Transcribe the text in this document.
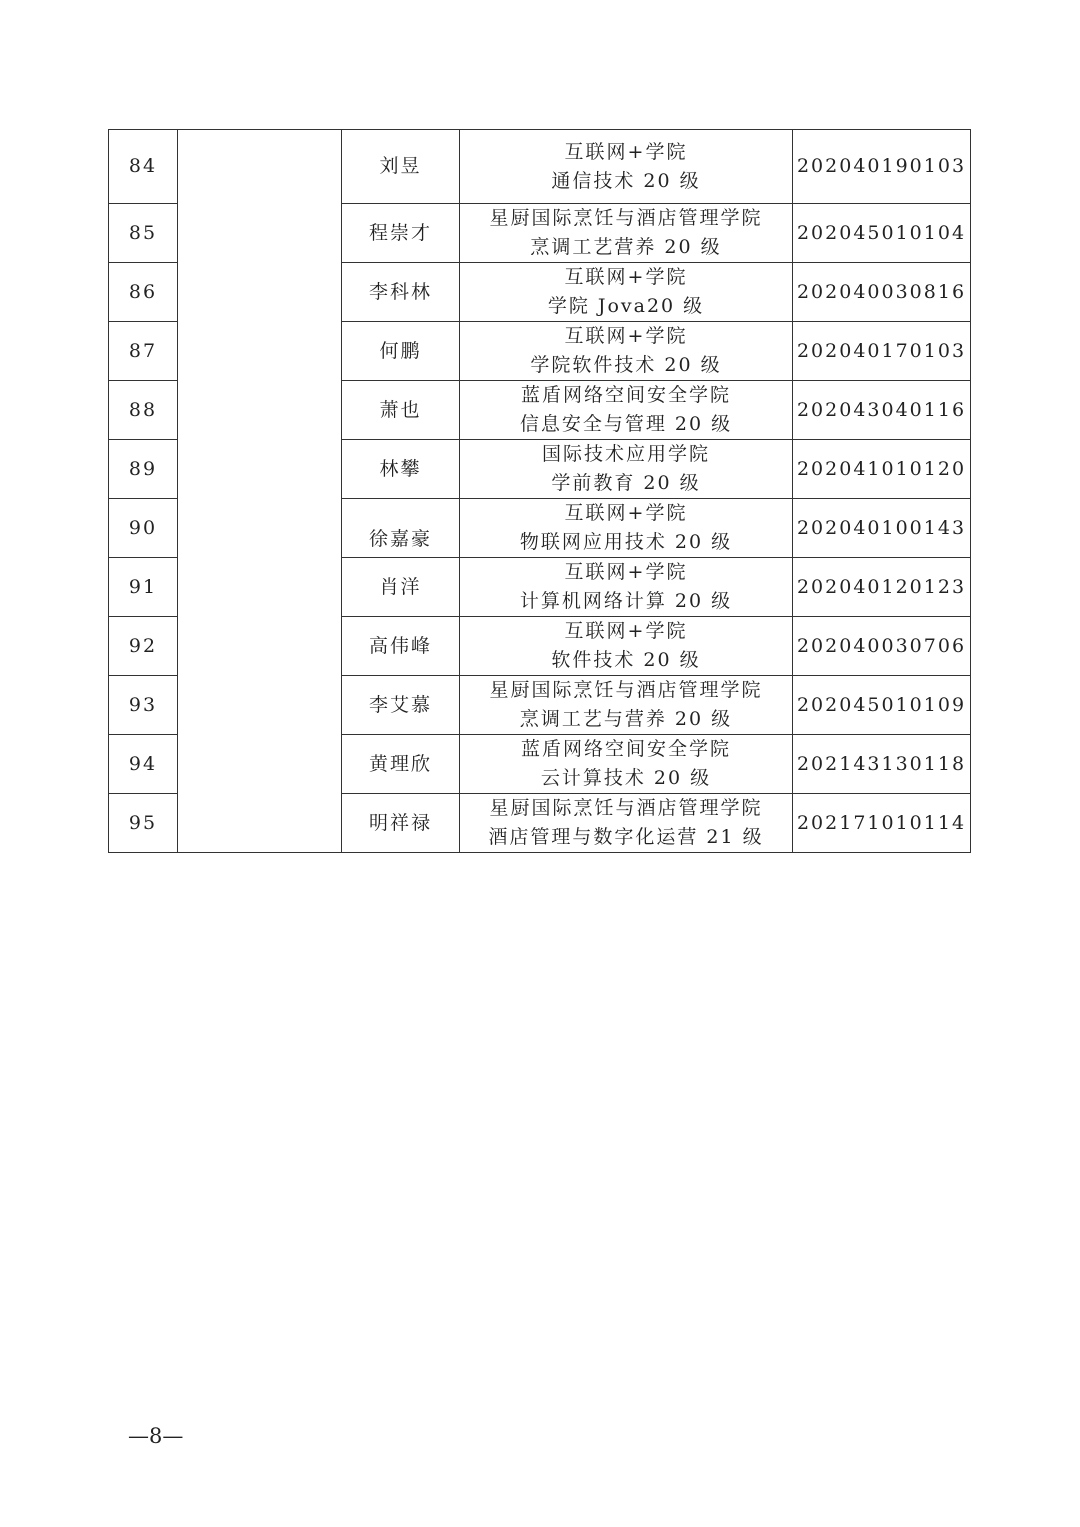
84		刘昱	互联网+学院
通信技术 20 级	202040190103
85		程崇才	星厨国际烹饪与酒店管理学院
烹调工艺营养 20 级	202045010104
86		李科林	互联网+学院
学院 Jova20 级	202040030816
87		何鹏	互联网+学院
学院软件技术 20 级	202040170103
88		萧也	蓝盾网络空间安全学院
信息安全与管理 20 级	202043040116
89		林攀	国际技术应用学院
学前教育 20 级	202041010120
90		徐嘉豪	互联网+学院
物联网应用技术 20 级	202040100143
91		肖洋	互联网+学院
计算机网络计算 20 级	202040120123
92		高伟峰	互联网+学院
软件技术 20 级	202040030706
93		李艾慕	星厨国际烹饪与酒店管理学院
烹调工艺与营养 20 级	202045010109
94		黄理欣	蓝盾网络空间安全学院
云计算技术 20 级	202143130118
95		明祥禄	星厨国际烹饪与酒店管理学院
酒店管理与数字化运营 21 级	202171010114
—8—
